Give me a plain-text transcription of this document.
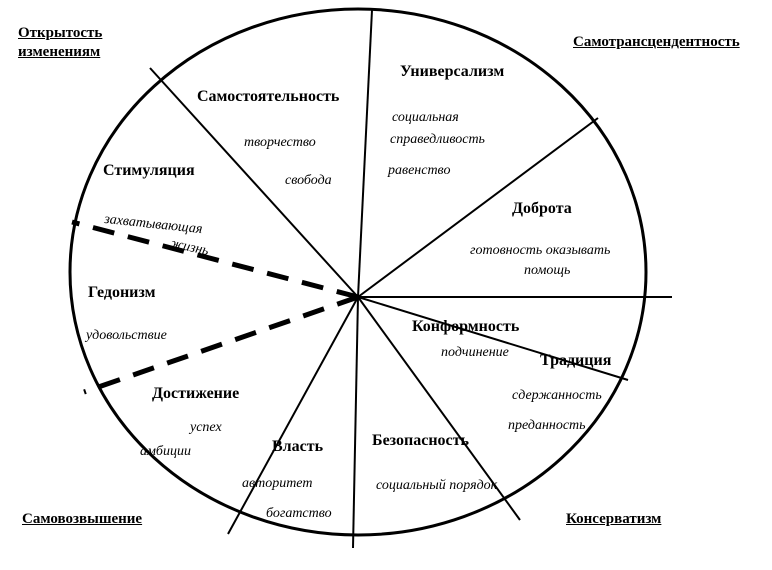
Открытость
изменениям
Самотрансцендентность
Самовозвышение	Консерватизм
Самостоятельность
творчество
свобода
Универсализм
социальная
справедливость
равенство
Доброта
готовность оказывать
помощь
Конформность
подчинение Традиция
сдержанность
преданность
Безопасность
социальный порядок
Власть
авторитет
богатство
Достижение
успех
амбиции
Гедонизм
удовольствие
Стимуляция
захватывающая
жизнь
